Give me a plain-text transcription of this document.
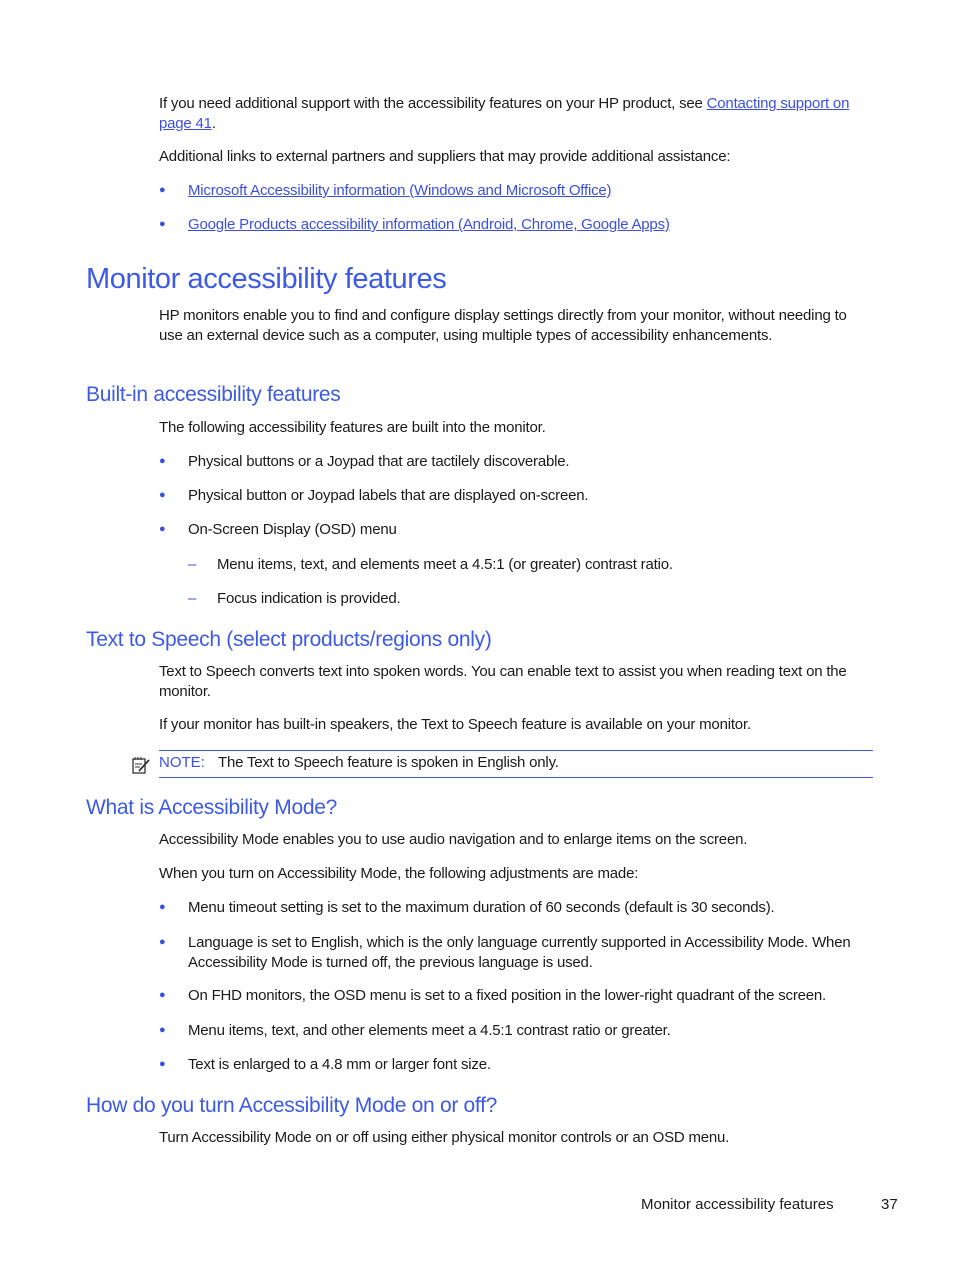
If you need additional support with the accessibility features on your HP product, see Contacting support on page 41.
Additional links to external partners and suppliers that may provide additional assistance:
● Microsoft Accessibility information (Windows and Microsoft Office)
● Google Products accessibility information (Android, Chrome, Google Apps)
Monitor accessibility features
HP monitors enable you to find and configure display settings directly from your monitor, without needing to use an external device such as a computer, using multiple types of accessibility enhancements.
Built-in accessibility features
The following accessibility features are built into the monitor.
● Physical buttons or a Joypad that are tactilely discoverable.
● Physical button or Joypad labels that are displayed on-screen.
● On-Screen Display (OSD) menu
– Menu items, text, and elements meet a 4.5:1 (or greater) contrast ratio.
– Focus indication is provided.
Text to Speech (select products/regions only)
Text to Speech converts text into spoken words. You can enable text to assist you when reading text on the monitor.
If your monitor has built-in speakers, the Text to Speech feature is available on your monitor.
NOTE: The Text to Speech feature is spoken in English only.
What is Accessibility Mode?
Accessibility Mode enables you to use audio navigation and to enlarge items on the screen.
When you turn on Accessibility Mode, the following adjustments are made:
● Menu timeout setting is set to the maximum duration of 60 seconds (default is 30 seconds).
● Language is set to English, which is the only language currently supported in Accessibility Mode. When Accessibility Mode is turned off, the previous language is used.
● On FHD monitors, the OSD menu is set to a fixed position in the lower-right quadrant of the screen.
● Menu items, text, and other elements meet a 4.5:1 contrast ratio or greater.
● Text is enlarged to a 4.8 mm or larger font size.
How do you turn Accessibility Mode on or off?
Turn Accessibility Mode on or off using either physical monitor controls or an OSD menu.
Monitor accessibility features	37
